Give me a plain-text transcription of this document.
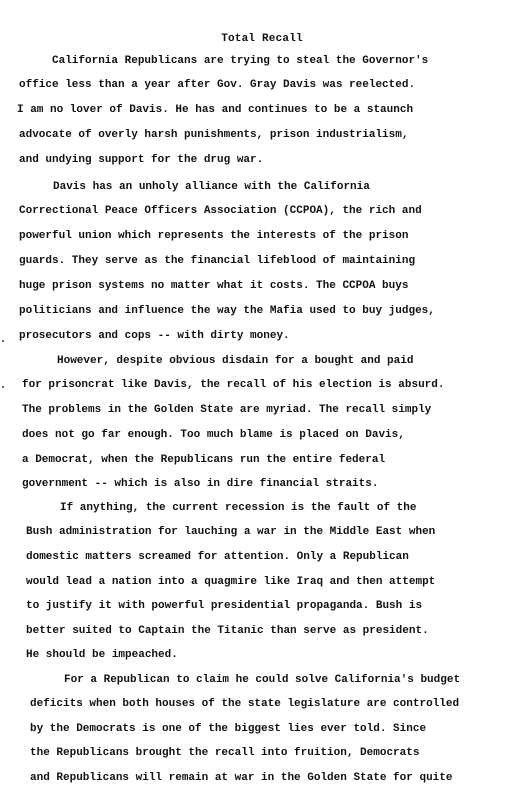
Total Recall
California Republicans are trying to steal the Governor's
office less than a year after Gov. Gray Davis was reelected.
I am no lover of Davis. He has and continues to be a staunch
advocate of overly harsh punishments, prison industrialism,
and undying support for the drug war.
Davis has an unholy alliance with the California
Correctional Peace Officers Association (CCPOA), the rich and
powerful union which represents the interests of the prison
guards. They serve as the financial lifeblood of maintaining
huge prison systems no matter what it costs. The CCPOA buys
politicians and influence the way the Mafia used to buy judges,
prosecutors and cops -- with dirty money.
However, despite obvious disdain for a bought and paid
for prisoncrat like Davis, the recall of his election is absurd.
The problems in the Golden State are myriad. The recall simply
does not go far enough. Too much blame is placed on Davis,
a Democrat, when the Republicans run the entire federal
government -- which is also in dire financial straits.
If anything, the current recession is the fault of the
Bush administration for lauching a war in the Middle East when
domestic matters screamed for attention. Only a Republican
would lead a nation into a quagmire like Iraq and then attempt
to justify it with powerful presidential propaganda. Bush is
better suited to Captain the Titanic than serve as president.
He should be impeached.
For a Republican to claim he could solve California's budget
deficits when both houses of the state legislature are controlled
by the Democrats is one of the biggest lies ever told. Since
the Republicans brought the recall into fruition, Democrats
and Republicans will remain at war in the Golden State for quite
